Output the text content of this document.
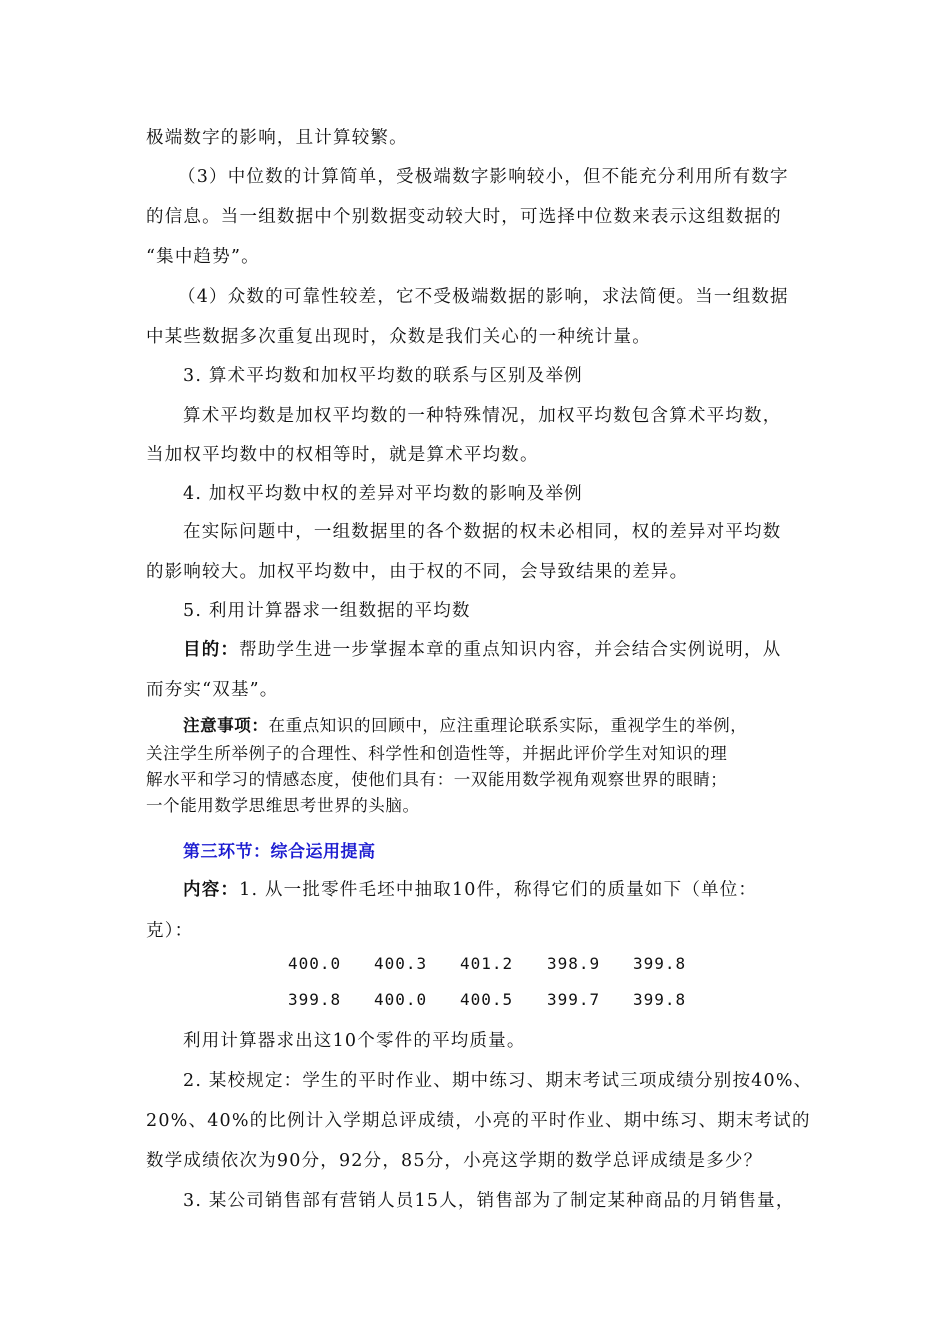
极端数字的影响，且计算较繁。
（3）中位数的计算简单，受极端数字影响较小，但不能充分利用所有数字
的信息。当一组数据中个别数据变动较大时，可选择中位数来表示这组数据的
“集中趋势”。
（4）众数的可靠性较差，它不受极端数据的影响，求法简便。当一组数据
中某些数据多次重复出现时，众数是我们关心的一种统计量。
3. 算术平均数和加权平均数的联系与区别及举例
算术平均数是加权平均数的一种特殊情况，加权平均数包含算术平均数，
当加权平均数中的权相等时，就是算术平均数。
4. 加权平均数中权的差异对平均数的影响及举例
在实际问题中，一组数据里的各个数据的权未必相同，权的差异对平均数
的影响较大。加权平均数中，由于权的不同，会导致结果的差异。
5. 利用计算器求一组数据的平均数
目的：帮助学生进一步掌握本章的重点知识内容，并会结合实例说明，从
而夯实“双基”。
注意事项：在重点知识的回顾中，应注重理论联系实际，重视学生的举例，
关注学生所举例子的合理性、科学性和创造性等，并据此评价学生对知识的理
解水平和学习的情感态度，使他们具有：一双能用数学视角观察世界的眼睛；
一个能用数学思维思考世界的头脑。
第三环节：综合运用提高
内容：1. 从一批零件毛坯中抽取10件，称得它们的质量如下（单位：
克）：
400.0 400.3 401.2 398.9 399.8
399.8 400.0 400.5 399.7 399.8
利用计算器求出这10个零件的平均质量。
2. 某校规定：学生的平时作业、期中练习、期末考试三项成绩分别按40%、
20%、40%的比例计入学期总评成绩，小亮的平时作业、期中练习、期末考试的
数学成绩依次为90分，92分，85分，小亮这学期的数学总评成绩是多少？
3. 某公司销售部有营销人员15人，销售部为了制定某种商品的月销售量，
